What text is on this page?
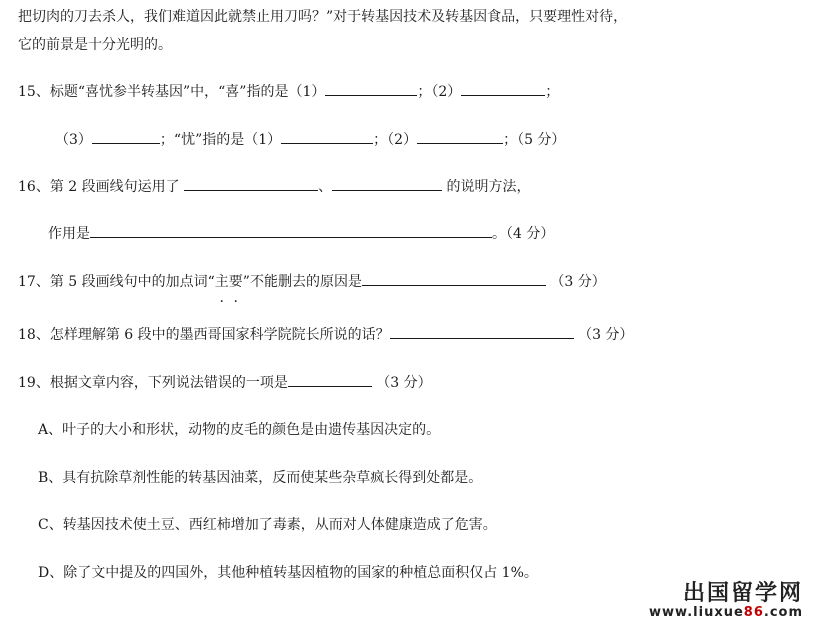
把切肉的刀去杀人，我们难道因此就禁止用刀吗？”对于转基因技术及转基因食品，只要理性对待，
它的前景是十分光明的。
15、标题“喜忧参半转基因”中，“喜”指的是（1）	；（2）	；
（3）	；“忧”指的是（1）	；（2）	；（5 分）
16、第 2 段画线句运用了	、	的说明方法，
作用是	。（4 分）
17、第 5 段画线句中的加点词“主要”不能删去的原因是	（3 分）
18、怎样理解第 6 段中的墨西哥国家科学院院长所说的话？	（3 分）
19、根据文章内容，下列说法错误的一项是	（3 分）
A、叶子的大小和形状，动物的皮毛的颜色是由遗传基因决定的。
B、具有抗除草剂性能的转基因油菜，反而使某些杂草疯长得到处都是。
C、转基因技术使土豆、西红柿增加了毒素，从而对人体健康造成了危害。
D、除了文中提及的四国外，其他种植转基因植物的国家的种植总面积仅占 1%。
出国留学网
www.liuxue86.com
